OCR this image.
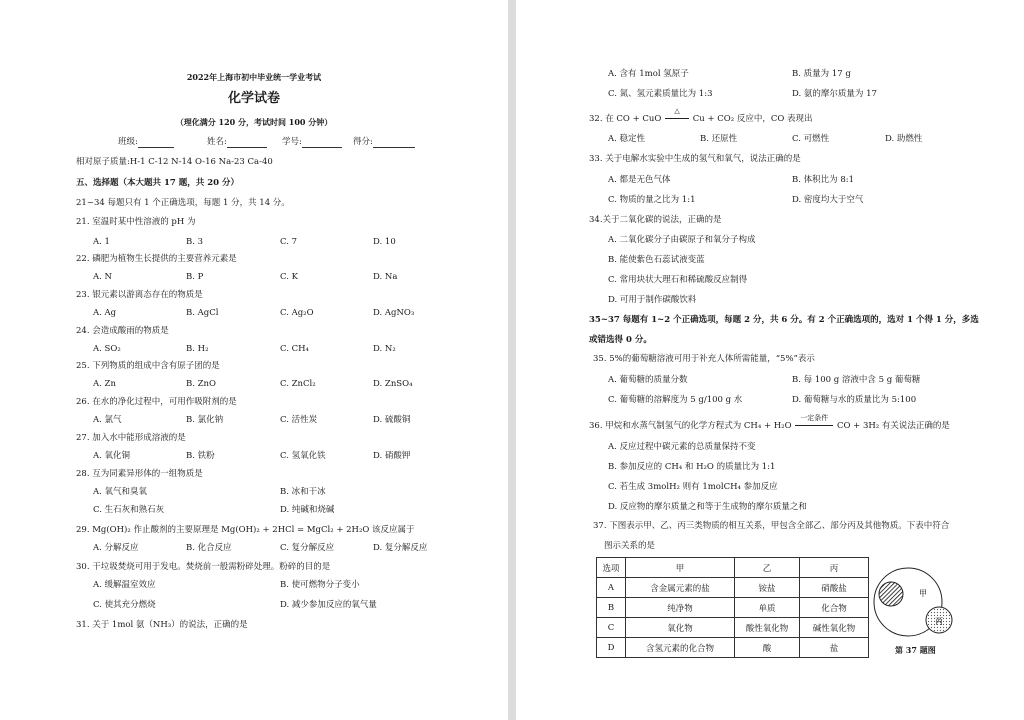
2022年上海市初中毕业统一学业考试
化学试卷
（理化满分 120 分，考试时间 100 分钟）
班级:	姓名:	学号:	得分:
相对原子质量:H-1 C-12 N-14 O-16 Na-23 Ca-40
五、选择题（本大题共 17 题，共 20 分）
21~34 每题只有 1 个正确选项，每题 1 分，共 14 分。
21. 室温时某中性溶液的 pH 为
A. 1	B. 3	C. 7	D. 10
22. 磷肥为植物生长提供的主要营养元素是
A. N	B. P	C. K	D. Na
23. 银元素以游离态存在的物质是
A. Ag	B. AgCl	C. Ag₂O	D. AgNO₃
24. 会造成酸雨的物质是
A. SO₂	B. H₂	C. CH₄	D. N₂
25. 下列物质的组成中含有原子团的是
A. Zn	B. ZnO	C. ZnCl₂	D. ZnSO₄
26. 在水的净化过程中，可用作吸附剂的是
A. 氯气	B. 氯化钠	C. 活性炭	D. 硫酸铜
27. 加入水中能形成溶液的是
A. 氧化铜	B. 铁粉	C. 氢氧化铁	D. 硝酸钾
28. 互为同素异形体的一组物质是
A. 氧气和臭氧	B. 冰和干冰
C. 生石灰和熟石灰	D. 纯碱和烧碱
29. Mg(OH)₂ 作止酸剂的主要原理是 Mg(OH)₂ + 2HCl = MgCl₂ + 2H₂O 该反应属于
A. 分解反应	B. 化合反应	C. 复分解反应	D. 复分解反应
30. 干垃圾焚烧可用于发电。焚烧前一般需粉碎处理。粉碎的目的是
A. 缓解温室效应	B. 使可燃物分子变小
C. 使其充分燃烧	D. 减少参加反应的氧气量
31. 关于 1mol 氨（NH₃）的说法，正确的是
A. 含有 1mol 氢原子	B. 质量为 17 g
C. 氮、氢元素质量比为 1:3	D. 氨的摩尔质量为 17
32. 在 CO + CuO
△
Cu + CO₂ 反应中，CO 表现出
A. 稳定性	B. 还原性	C. 可燃性	D. 助燃性
33. 关于电解水实验中生成的氢气和氧气，说法正确的是
A. 都是无色气体	B. 体积比为 8:1
C. 物质的量之比为 1:1	D. 密度均大于空气
34.关于二氧化碳的说法，正确的是
A. 二氧化碳分子由碳原子和氧分子构成
B. 能使紫色石蕊试液变蓝
C. 常用块状大理石和稀硫酸反应制得
D. 可用于制作碳酸饮料
35~37 每题有 1~2 个正确选项，每题 2 分，共 6 分。有 2 个正确选项的，选对 1 个得 1 分，多选
或错选得 0 分。
35. 5%的葡萄糖溶液可用于补充人体所需能量，“5%”表示
A. 葡萄糖的质量分数	B. 每 100 g 溶液中含 5 g 葡萄糖
C. 葡萄糖的溶解度为 5 g/100 g 水	D. 葡萄糖与水的质量比为 5:100
36. 甲烷和水蒸气制氢气的化学方程式为 CH₄ + H₂O
一定条件
CO + 3H₂ 有关说法正确的是
A. 反应过程中碳元素的总质量保持不变
B. 参加反应的 CH₄ 和 H₂O 的质量比为 1:1
C. 若生成 3molH₂ 则有 1molCH₄ 参加反应
D. 反应物的摩尔质量之和等于生成物的摩尔质量之和
37. 下图表示甲、乙、丙三类物质的相互关系，甲包含全部乙、部分丙及其他物质。下表中符合
图示关系的是
选项	甲	乙	丙
A	含金属元素的盐	铵盐	硝酸盐
B	纯净物	单质	化合物
C	氧化物	酸性氧化物	碱性氧化物
D	含氢元素的化合物	酸	盐
甲
丙
第 37 题图
